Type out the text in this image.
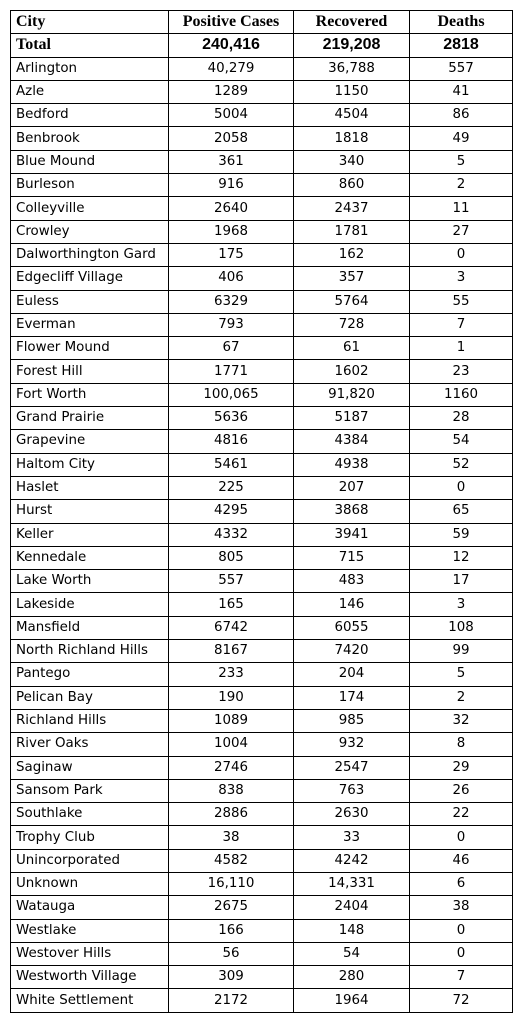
City	Positive Cases	Recovered	Deaths
Total	240,416	219,208	2818
Arlington	40,279	36,788	557
Azle	1289	1150	41
Bedford	5004	4504	86
Benbrook	2058	1818	49
Blue Mound	361	340	5
Burleson	916	860	2
Colleyville	2640	2437	11
Crowley	1968	1781	27
Dalworthington Gard	175	162	0
Edgecliff Village	406	357	3
Euless	6329	5764	55
Everman	793	728	7
Flower Mound	67	61	1
Forest Hill	1771	1602	23
Fort Worth	100,065	91,820	1160
Grand Prairie	5636	5187	28
Grapevine	4816	4384	54
Haltom City	5461	4938	52
Haslet	225	207	0
Hurst	4295	3868	65
Keller	4332	3941	59
Kennedale	805	715	12
Lake Worth	557	483	17
Lakeside	165	146	3
Mansfield	6742	6055	108
North Richland Hills	8167	7420	99
Pantego	233	204	5
Pelican Bay	190	174	2
Richland Hills	1089	985	32
River Oaks	1004	932	8
Saginaw	2746	2547	29
Sansom Park	838	763	26
Southlake	2886	2630	22
Trophy Club	38	33	0
Unincorporated	4582	4242	46
Unknown	16,110	14,331	6
Watauga	2675	2404	38
Westlake	166	148	0
Westover Hills	56	54	0
Westworth Village	309	280	7
White Settlement	2172	1964	72
